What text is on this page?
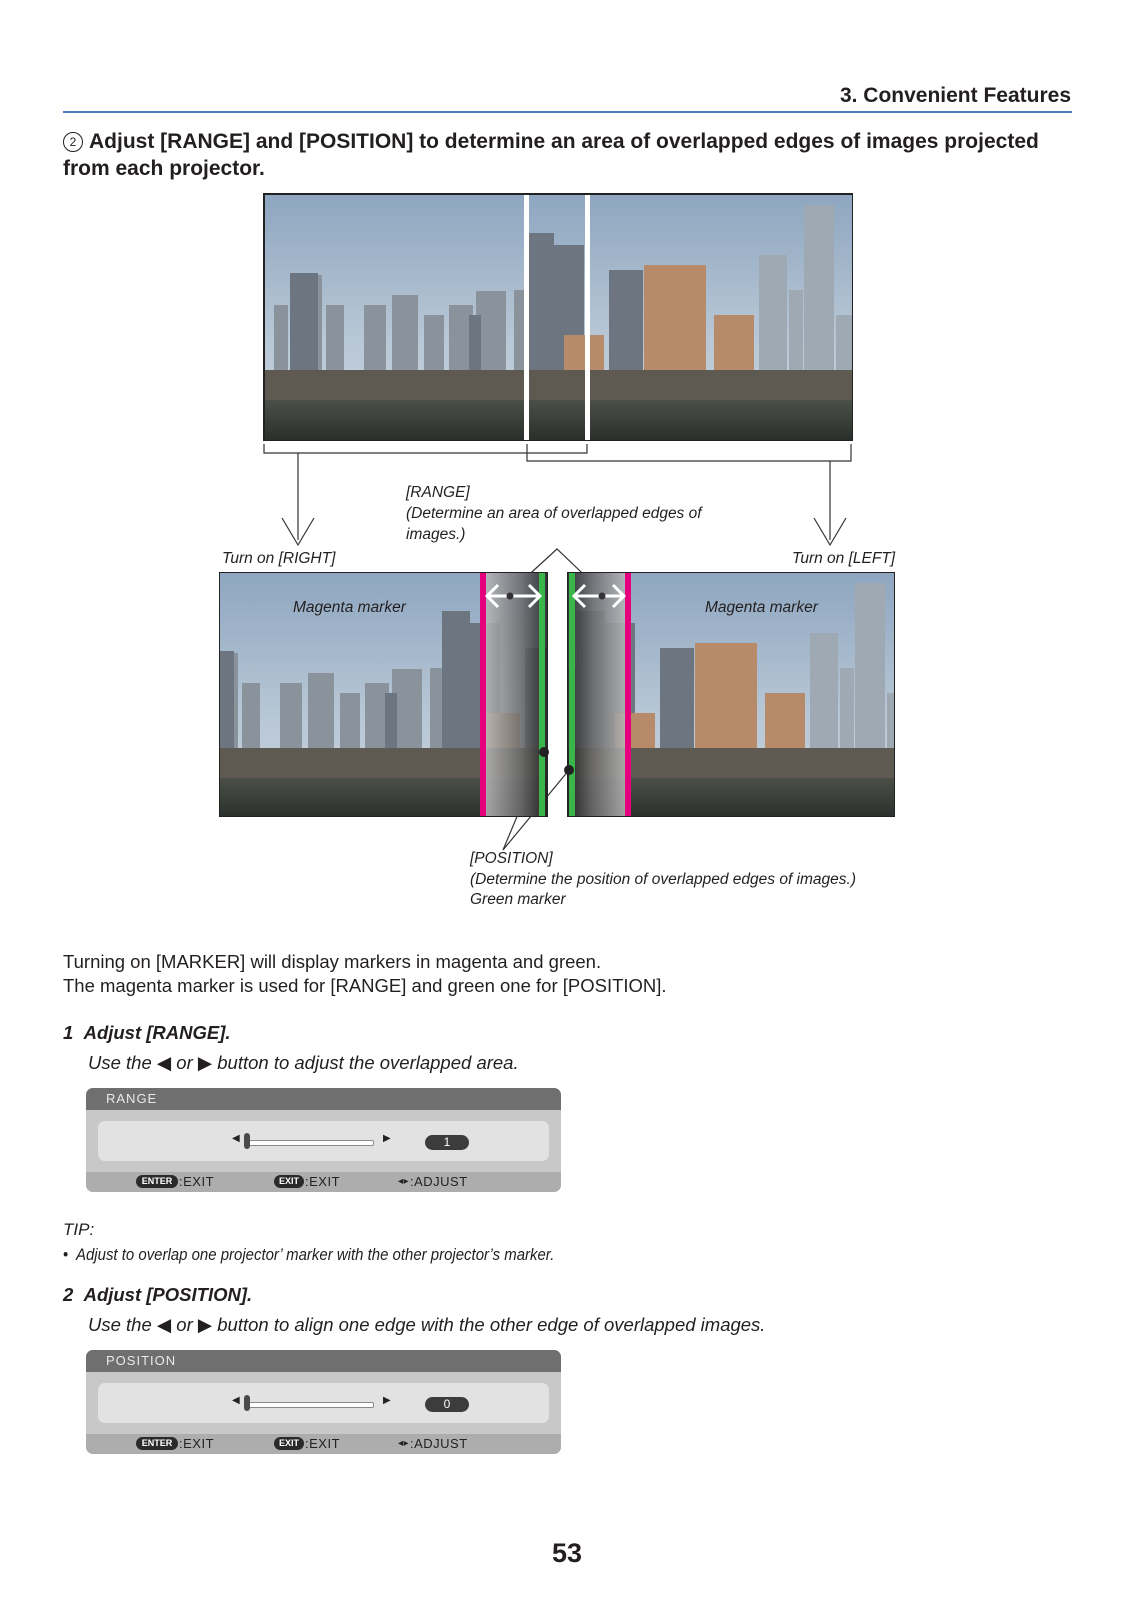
3. Convenient Features
2 Adjust [RANGE] and [POSITION] to determine an area of overlapped edges of images projected from each projector.
[RANGE]
(Determine an area of overlapped edges of
images.)
Turn on [RIGHT]	Turn on [LEFT]
Magenta marker	Magenta marker
[POSITION]
(Determine the position of overlapped edges of images.)
Green marker
Turning on [MARKER] will display markers in magenta and green.
The magenta marker is used for [RANGE] and green one for [POSITION].
1 Adjust [RANGE].
Use the ◀ or ▶ button to adjust the overlapped area.
RANGE
◀	▶	1
ENTER :EXIT	EXIT :EXIT	◂▸ :ADJUST
TIP:
• Adjust to overlap one projector’ marker with the other projector’s marker.
2 Adjust [POSITION].
Use the ◀ or ▶ button to align one edge with the other edge of overlapped images.
POSITION
◀	▶	0
ENTER :EXIT	EXIT :EXIT	◂▸ :ADJUST
53
